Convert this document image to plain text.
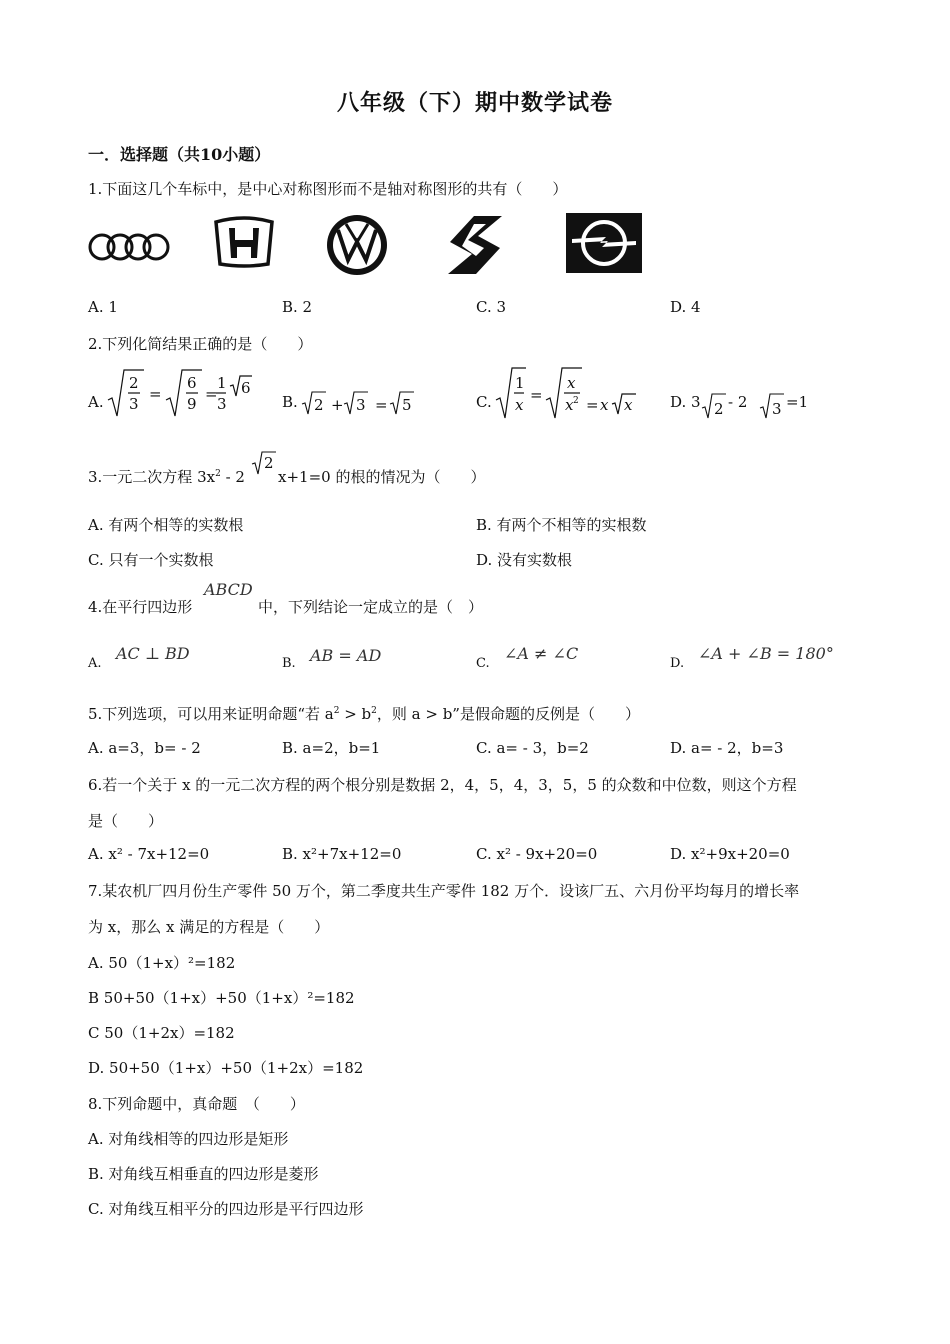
八年级（下）期中数学试卷
一．选择题（共10小题）
1.下面这几个车标中，是中心对称图形而不是轴对称图形的共有（　　）
A. 1	B. 2	C. 3	D. 4
2.下列化简结果正确的是（　　）
A.
2
3
=
6
9
=
1
3
6
B. 2 + 3 = 5	C.
1
x
=
x
x 2 = x x	D. 3 2 - 2 3 =1
3.一元二次方程 $3x^2 - 2$
2
x+1=0 的根的情况为（　　）
A. 有两个相等的实数根	B. 有两个不相等的实根数
C. 只有一个实数根	D. 没有实数根
4.在平行四边形
ABCD
中，下列结论一定成立的是（　）
A.
AC ⊥ BD
B. AB = AD	C.
∠A ≠ ∠C
D.
∠A + ∠B = 180°
5.下列选项，可以用来证明命题“若 $a^2 > b^2$，则 a > b”是假命题的反例是（　　）
A. a=3，b= - 2	B. a=2，b=1	C. a= - 3，b=2	D. a= - 2，b=3
6.若一个关于 x 的一元二次方程的两个根分别是数据 2，4，5，4，3，5，5 的众数和中位数，则这个方程
是（　　）
A. x² - 7x+12=0	B. x²+7x+12=0	C. x² - 9x+20=0	D. x²+9x+20=0
7.某农机厂四月份生产零件 50 万个，第二季度共生产零件 182 万个．设该厂五、六月份平均每月的增长率
为 x，那么 x 满足的方程是（　　）
A. 50（1+x）²=182
B 50+50（1+x）+50（1+x）²=182
C 50（1+2x）=182
D. 50+50（1+x）+50（1+2x）=182
8.下列命题中，真命题　（　　）
A. 对角线相等的四边形是矩形
B. 对角线互相垂直的四边形是菱形
C. 对角线互相平分的四边形是平行四边形
